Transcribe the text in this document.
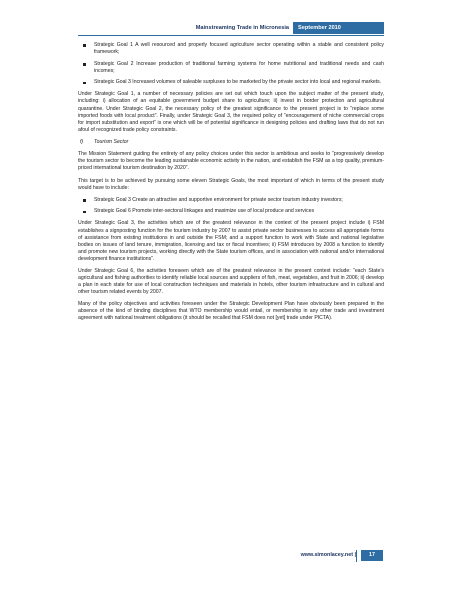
Mainstreaming Trade in Micronesia	September 2010
Strategic Goal 1 A well resourced and properly focused agriculture sector operating within a stable and consistent policy framework;
Strategic Goal 2 Increase production of traditional farming systems for home nutritional and traditional needs and cash incomes;
Strategic Goal 3 Increased volumes of saleable surpluses to be marketed by the private sector into local and regional markets.

Under Strategic Goal 1, a number of necessary policies are set out which touch upon the subject matter of the present study, including: i) allocation of an equitable government budget share to agriculture; ii) invest in border protection and agricultural quarantine. Under Strategic Goal 2, the necessary policy of the greatest significance to the present project is to “replace some imported foods with local product”. Finally, under Strategic Goal 3, the required policy of “encouragement of niche commercial crops for import substitution and export” is one which will be of potential significance in designing policies and drafting laws that do not run afoul of recognized trade policy constraints.

f) Tourism Sector

The Mission Statement guiding the entirety of any policy choices under this sector is ambitious and seeks to “progressively develop the tourism sector to become the leading sustainable economic activity in the nation, and establish the FSM as a top quality, premium-priced international tourism destination by 2020”.

This target is to be achieved by pursuing some eleven Strategic Goals, the most important of which in terms of the present study would have to include:

Strategic Goal 3 Create an attractive and supportive environment for private sector tourism industry investors;
Strategic Goal 6 Promote inter-sectoral linkages and maximize use of local produce and services

Under Strategic Goal 3, the activities which are of the greatest relevance in the context of the present project include i) FSM establishes a signposting function for the tourism industry by 2007 to assist private sector businesses to access all appropriate forms of assistance from existing institutions in and outside the FSM; and a support function to work with State and national legislative bodies on issues of land tenure, immigration, licensing and tax or fiscal incentives; ii) FSM introduces by 2008 a function to identify and promote new tourism projects, working directly with the State tourism offices, and in association with national and/or international development finance institutions”.

Under Strategic Goal 6, the activities foreseen which are of the greatest relevance in the present context include: “each State’s agricultural and fishing authorities to identify reliable local sources and suppliers of fish, meat, vegetables, and fruit in 2006; ii) develop a plan in each state for use of local construction techniques and materials in hotels, other tourism infrastructure and in cultural and other tourism related events by 2007.

Many of the policy objectives and activities foreseen under the Strategic Development Plan have obviously been prepared in the absence of the kind of binding disciplines that WTO membership would entail, or membership in any other trade and investment agreement with national treatment obligations (it should be recalled that FSM does not [yet] trade under PICTA).

www.simonlacey.net |	17
